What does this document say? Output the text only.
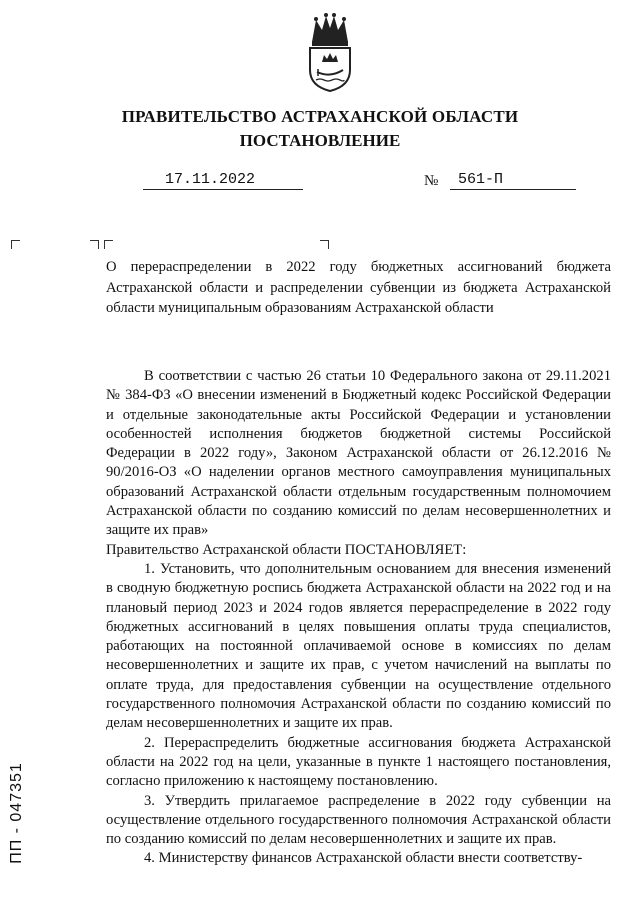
ПРАВИТЕЛЬСТВО АСТРАХАНСКОЙ ОБЛАСТИ
ПОСТАНОВЛЕНИЕ
17.11.2022	№	561-П
О перераспределении в 2022 году бюджетных ассигнований бюджета Астраханской области и распределении субвенции из бюджета Астраханской области муниципальным образованиям Астраханской области

В соответствии с частью 26 статьи 10 Федерального закона от 29.11.2021 № 384-ФЗ «О внесении изменений в Бюджетный кодекс Российской Федерации и отдельные законодательные акты Российской Федерации и установлении особенностей исполнения бюджетов бюджетной системы Российской Федерации в 2022 году», Законом Астраханской области от 26.12.2016 № 90/2016-ОЗ «О наделении органов местного самоуправления муниципальных образований Астраханской области отдельным государственным полномочием Астраханской области по созданию комиссий по делам несовершеннолетних и защите их прав»

Правительство Астраханской области ПОСТАНОВЛЯЕТ:

1. Установить, что дополнительным основанием для внесения изменений в сводную бюджетную роспись бюджета Астраханской области на 2022 год и на плановый период 2023 и 2024 годов является перераспределение в 2022 году бюджетных ассигнований в целях повышения оплаты труда специалистов, работающих на постоянной оплачиваемой основе в комиссиях по делам несовершеннолетних и защите их прав, с учетом начислений на выплаты по оплате труда, для предоставления субвенции на осуществление отдельного государственного полномочия Астраханской области по созданию комиссий по делам несовершеннолетних и защите их прав.

2. Перераспределить бюджетные ассигнования бюджета Астраханской области на 2022 год на цели, указанные в пункте 1 настоящего постановления, согласно приложению к настоящему постановлению.

3. Утвердить прилагаемое распределение в 2022 году субвенции на осуществление отдельного государственного полномочия Астраханской области по созданию комиссий по делам несовершеннолетних и защите их прав.

4. Министерству финансов Астраханской области внести соответству-

ПП - 047351
